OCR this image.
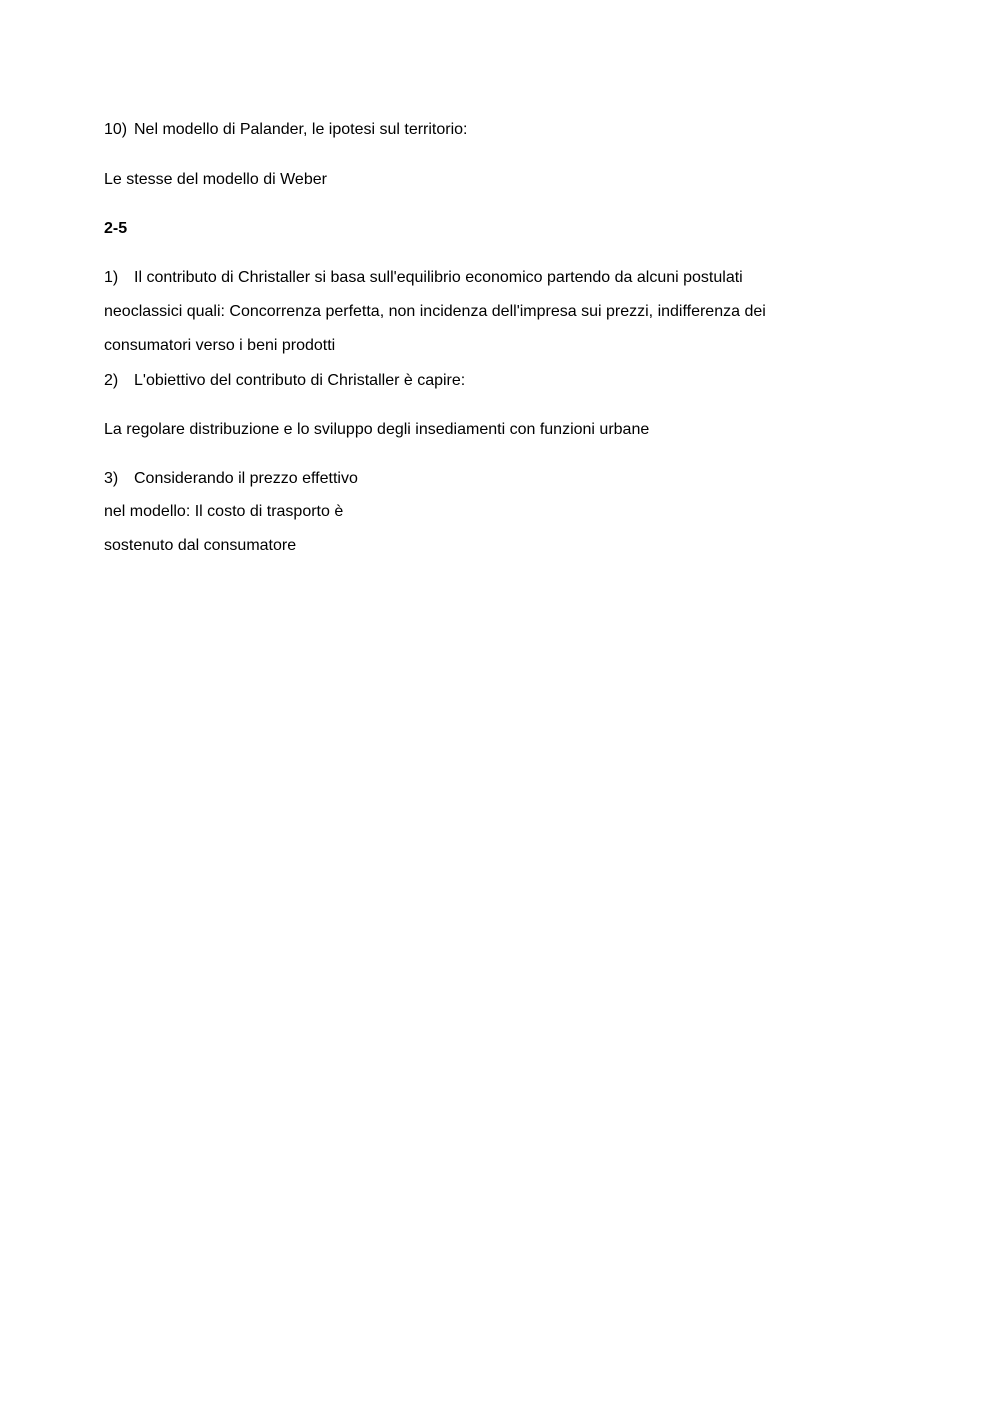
10) Nel modello di Palander, le ipotesi sul territorio:
Le stesse del modello di Weber
2-5
1) Il contributo di Christaller si basa sull'equilibrio economico partendo da alcuni postulati
neoclassici quali: Concorrenza perfetta, non incidenza dell'impresa sui prezzi, indifferenza dei
consumatori verso i beni prodotti
2) L'obiettivo del contributo di Christaller è capire:
La regolare distribuzione e lo sviluppo degli insediamenti con funzioni urbane
3) Considerando il prezzo effettivo
nel modello: Il costo di trasporto è
sostenuto dal consumatore
